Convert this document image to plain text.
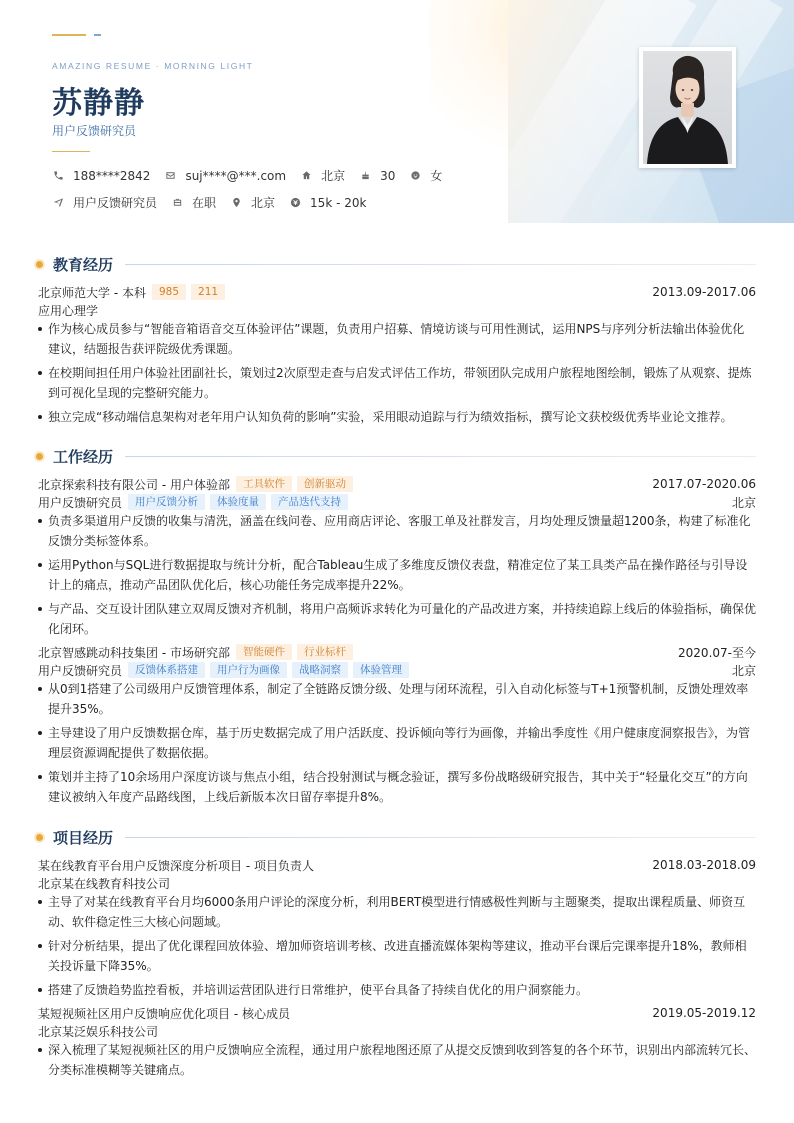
AMAZING RESUME · MORNING LIGHT
苏静静
用户反馈研究员
188****2842	suj****@***.com	北京	30	女
用户反馈研究员	在职	北京	15k - 20k
教育经历
北京师范大学 - 本科	985	211	2013.09-2017.06
应用心理学
作为核心成员参与“智能音箱语音交互体验评估”课题，负责用户招募、情境访谈与可用性测试，运用NPS与序列分析法输出体验优化建议，结题报告获评院级优秀课题。
在校期间担任用户体验社团副社长，策划过2次原型走查与启发式评估工作坊，带领团队完成用户旅程地图绘制，锻炼了从观察、提炼到可视化呈现的完整研究能力。
独立完成“移动端信息架构对老年用户认知负荷的影响”实验，采用眼动追踪与行为绩效指标，撰写论文获校级优秀毕业论文推荐。
工作经历
北京探索科技有限公司 - 用户体验部	工具软件	创新驱动	2017.07-2020.06
用户反馈研究员	用户反馈分析	体验度量	产品迭代支持	北京
负责多渠道用户反馈的收集与清洗，涵盖在线问卷、应用商店评论、客服工单及社群发言，月均处理反馈量超1200条，构建了标准化反馈分类标签体系。
运用Python与SQL进行数据提取与统计分析，配合Tableau生成了多维度反馈仪表盘，精准定位了某工具类产品在操作路径与引导设计上的痛点，推动产品团队优化后，核心功能任务完成率提升22%。
与产品、交互设计团队建立双周反馈对齐机制，将用户高频诉求转化为可量化的产品改进方案，并持续追踪上线后的体验指标，确保优化闭环。
北京智感跳动科技集团 - 市场研究部	智能硬件	行业标杆	2020.07-至今
用户反馈研究员	反馈体系搭建	用户行为画像	战略洞察	体验管理	北京
从0到1搭建了公司级用户反馈管理体系，制定了全链路反馈分级、处理与闭环流程，引入自动化标签与T+1预警机制，反馈处理效率提升35%。
主导建设了用户反馈数据仓库，基于历史数据完成了用户活跃度、投诉倾向等行为画像，并输出季度性《用户健康度洞察报告》，为管理层资源调配提供了数据依据。
策划并主持了10余场用户深度访谈与焦点小组，结合投射测试与概念验证，撰写多份战略级研究报告，其中关于“轻量化交互”的方向建议被纳入年度产品路线图，上线后新版本次日留存率提升8%。
项目经历
某在线教育平台用户反馈深度分析项目 - 项目负责人	2018.03-2018.09
北京某在线教育科技公司
主导了对某在线教育平台月均6000条用户评论的深度分析，利用BERT模型进行情感极性判断与主题聚类，提取出课程质量、师资互动、软件稳定性三大核心问题域。
针对分析结果，提出了优化课程回放体验、增加师资培训考核、改进直播流媒体架构等建议，推动平台课后完课率提升18%，教师相关投诉量下降35%。
搭建了反馈趋势监控看板，并培训运营团队进行日常维护，使平台具备了持续自优化的用户洞察能力。
某短视频社区用户反馈响应优化项目 - 核心成员	2019.05-2019.12
北京某泛娱乐科技公司
深入梳理了某短视频社区的用户反馈响应全流程，通过用户旅程地图还原了从提交反馈到收到答复的各个环节，识别出内部流转冗长、分类标准模糊等关键痛点。
